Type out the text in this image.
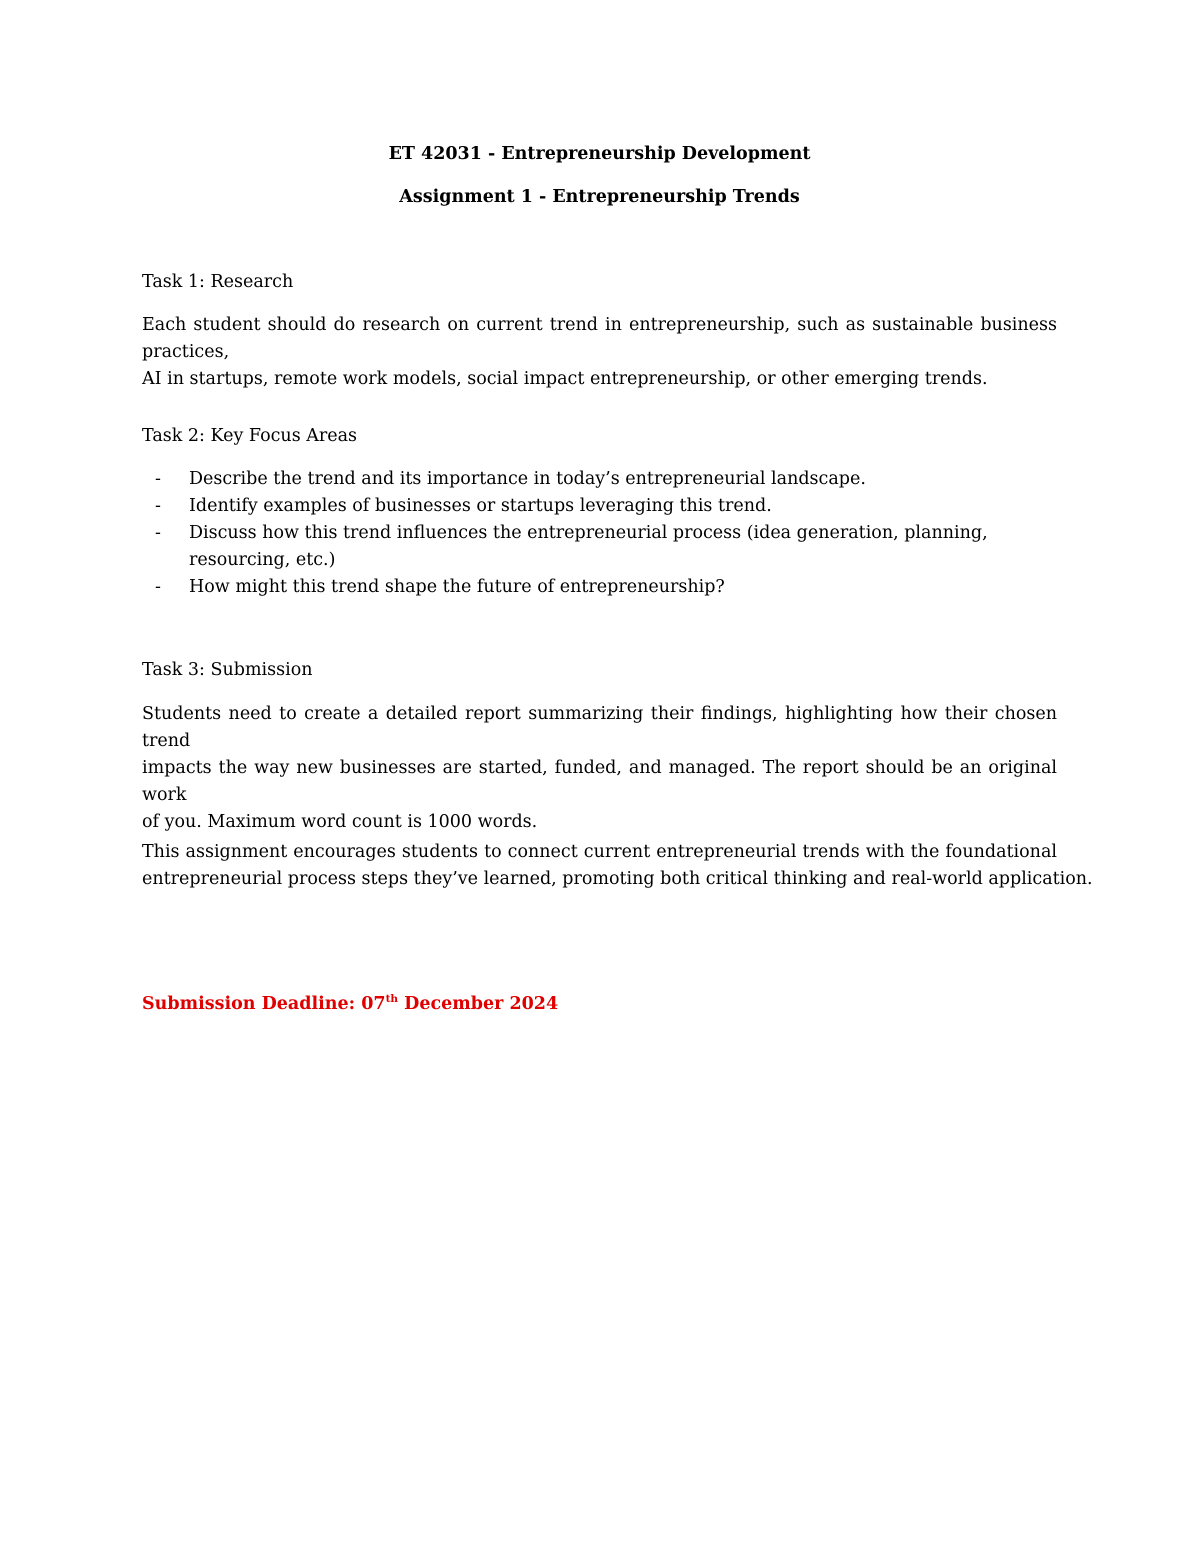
ET 42031 - Entrepreneurship Development
Assignment 1 - Entrepreneurship Trends
Task 1: Research
Each student should do research on current trend in entrepreneurship, such as sustainable business practices,
AI in startups, remote work models, social impact entrepreneurship, or other emerging trends.
Task 2: Key Focus Areas
- Describe the trend and its importance in today’s entrepreneurial landscape.
- Identify examples of businesses or startups leveraging this trend.
- Discuss how this trend influences the entrepreneurial process (idea generation, planning, resourcing, etc.)
- How might this trend shape the future of entrepreneurship?
Task 3: Submission
Students need to create a detailed report summarizing their findings, highlighting how their chosen trend
impacts the way new businesses are started, funded, and managed. The report should be an original work
of you. Maximum word count is 1000 words.
This assignment encourages students to connect current entrepreneurial trends with the foundational
entrepreneurial process steps they’ve learned, promoting both critical thinking and real-world application.
Submission Deadline: 07th December 2024
